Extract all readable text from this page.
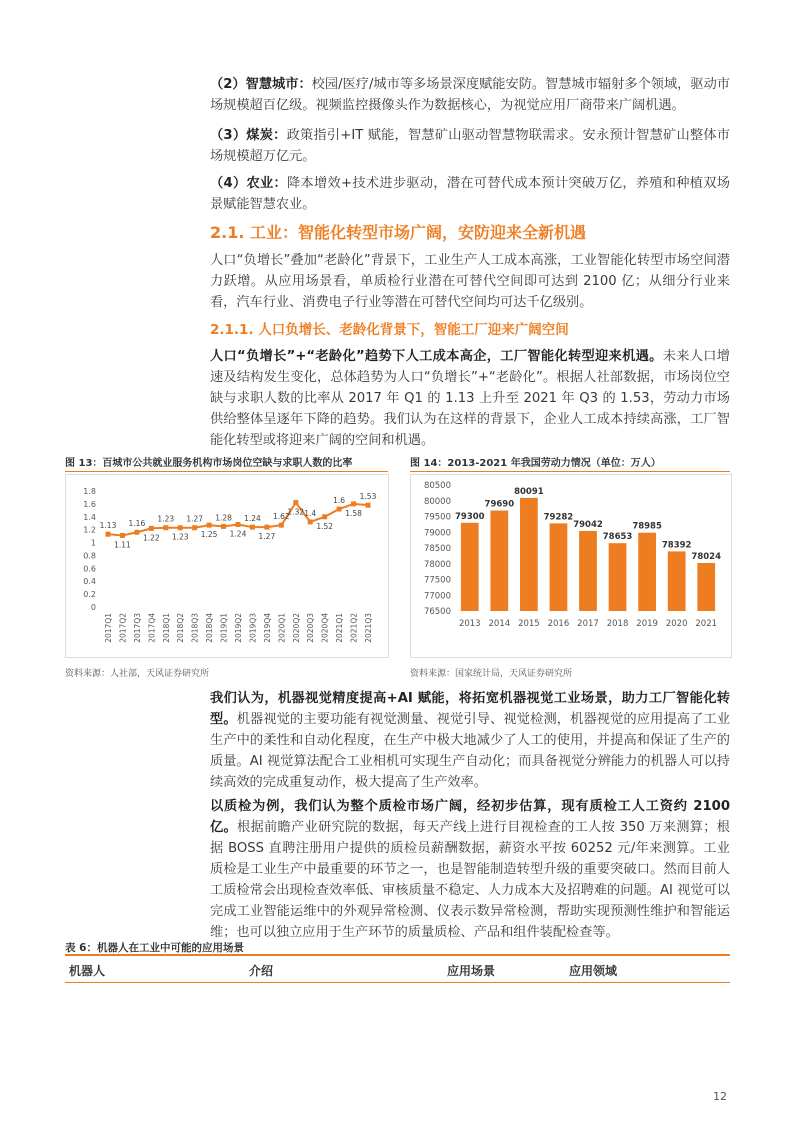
（2）智慧城市：校园/医疗/城市等多场景深度赋能安防。智慧城市辐射多个领域，驱动市场规模超百亿级。视频监控摄像头作为数据核心，为视觉应用厂商带来广阔机遇。

（3）煤炭：政策指引+IT 赋能，智慧矿山驱动智慧物联需求。安永预计智慧矿山整体市场规模超万亿元。

（4）农业：降本增效+技术进步驱动，潜在可替代成本预计突破万亿，养殖和种植双场景赋能智慧农业。

2.1. 工业：智能化转型市场广阔，安防迎来全新机遇

人口“负增长”叠加“老龄化”背景下，工业生产人工成本高涨，工业智能化转型市场空间潜力跃增。从应用场景看，单质检行业潜在可替代空间即可达到 2100 亿；从细分行业来看，汽车行业、消费电子行业等潜在可替代空间均可达千亿级别。

2.1.1. 人口负增长、老龄化背景下，智能工厂迎来广阔空间

人口“负增长”+“老龄化”趋势下人工成本高企，工厂智能化转型迎来机遇。未来人口增速及结构发生变化，总体趋势为人口“负增长”+“老龄化”。根据人社部数据，市场岗位空缺与求职人数的比率从 2017 年 Q1 的 1.13 上升至 2021 年 Q3 的 1.53，劳动力市场供给整体呈逐年下降的趋势。我们认为在这样的背景下，企业人工成本持续高涨，工厂智能化转型或将迎来广阔的空间和机遇。

图 13：百城市公共就业服务机构市场岗位空缺与求职人数的比率
0
0.2
0.4
0.6
0.8
1
1.2
1.4
1.6
1.8
1.13
1.11
1.16
1.22
1.23
1.23
1.27
1.25
1.28
1.24
1.24
1.27
1.62
1.32 1.4
1.52
1.6
1.58
1.53
2017Q1 2017Q2 2017Q3 2017Q4 2018Q1 2018Q2 2018Q3 2018Q4 2019Q1 2019Q2 2019Q3 2019Q4 2020Q1 2020Q2 2020Q3 2020Q4 2021Q1 2021Q2 2021Q3
资料来源：人社部，天风证券研究所
图 14：2013-2021 年我国劳动力情况（单位：万人）
76500
77000
77500
78000
78500
79000
79500
80000
80500
79300
2013
79690
2014
80091
2015
79282
2016
79042
2017
78653
2018
78985
2019
78392
2020
78024
2021
资料来源：国家统计局，天风证券研究所

我们认为，机器视觉精度提高+AI 赋能，将拓宽机器视觉工业场景，助力工厂智能化转型。机器视觉的主要功能有视觉测量、视觉引导、视觉检测，机器视觉的应用提高了工业生产中的柔性和自动化程度，在生产中极大地减少了人工的使用，并提高和保证了生产的质量。AI 视觉算法配合工业相机可实现生产自动化；而具备视觉分辨能力的机器人可以持续高效的完成重复动作，极大提高了生产效率。

以质检为例，我们认为整个质检市场广阔，经初步估算，现有质检工人工资约 2100 亿。根据前瞻产业研究院的数据，每天产线上进行目视检查的工人按 350 万来测算；根据 BOSS 直聘注册用户提供的质检员薪酬数据，薪资水平按 60252 元/年来测算。工业质检是工业生产中最重要的环节之一，也是智能制造转型升级的重要突破口。然而目前人工质检常会出现检查效率低、审核质量不稳定、人力成本大及招聘难的问题。AI 视觉可以完成工业智能运维中的外观异常检测、仪表示数异常检测，帮助实现预测性维护和智能运维；也可以独立应用于生产环节的质量质检、产品和组件装配检查等。

表 6：机器人在工业中可能的应用场景
机器人	介绍	应用场景	应用领域
12
